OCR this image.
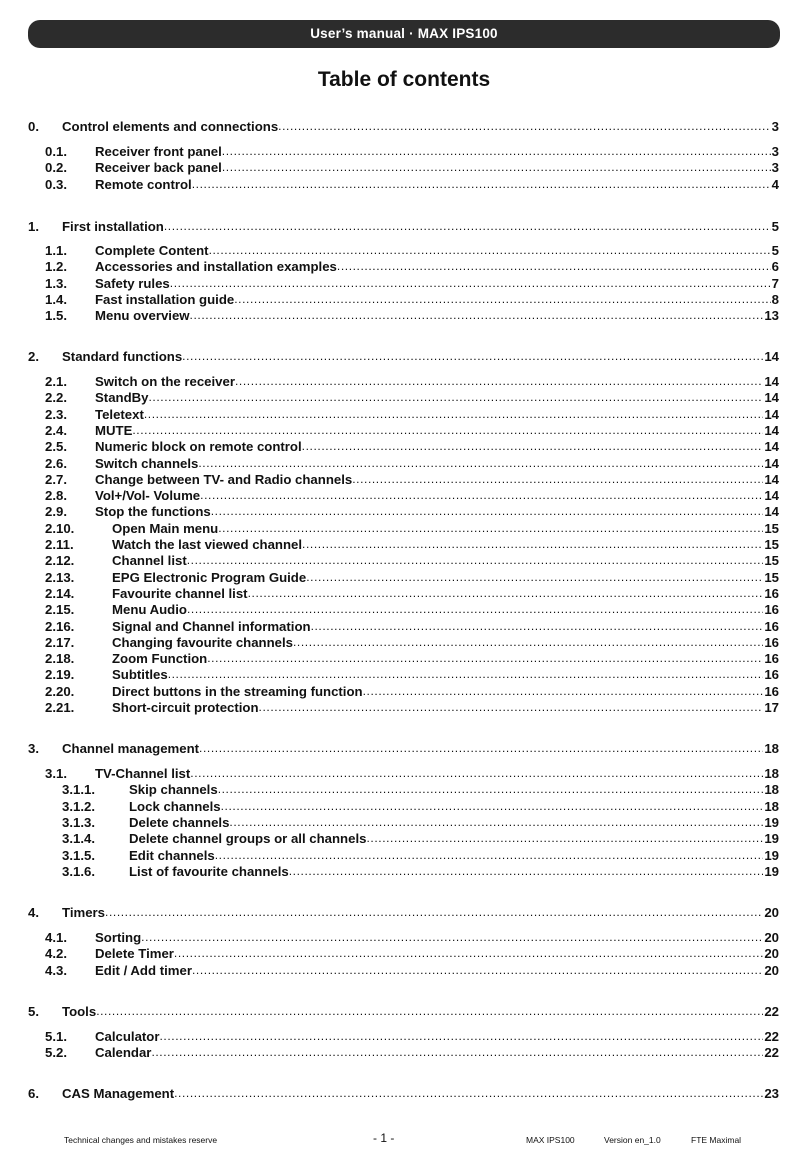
User’s manual · MAX IPS100
Table of contents
0.	Control elements and connections .....	3
0.1.	Receiver front panel .....	3
0.2.	Receiver back panel .....	3
0.3.	Remote control .....	4
1.	First installation .....	5
1.1.	Complete Content .....	5
1.2.	Accessories and installation examples .....	6
1.3.	Safety rules .....	7
1.4.	Fast installation guide .....	8
1.5.	Menu overview .....	13
2.	Standard functions .....	14
2.1.	Switch on the receiver .....	14
2.2.	StandBy .....	14
2.3.	Teletext .....	14
2.4.	MUTE .....	14
2.5.	Numeric block on remote control .....	14
2.6.	Switch channels .....	14
2.7.	Change between TV- and Radio channels .....	14
2.8.	Vol+/Vol- Volume .....	14
2.9.	Stop the functions .....	14
2.10.	Open Main menu .....	15
2.11.	Watch the last viewed channel .....	15
2.12.	Channel list .....	15
2.13.	EPG Electronic Program Guide .....	15
2.14.	Favourite channel list .....	16
2.15.	Menu Audio .....	16
2.16.	Signal and Channel information .....	16
2.17.	Changing favourite channels .....	16
2.18.	Zoom Function .....	16
2.19.	Subtitles .....	16
2.20.	Direct buttons in the streaming function .....	16
2.21.	Short-circuit protection .....	17
3.	Channel management .....	18
3.1.	TV-Channel list .....	18
3.1.1.	Skip channels .....	18
3.1.2.	Lock channels .....	18
3.1.3.	Delete channels .....	19
3.1.4.	Delete channel groups or all channels .....	19
3.1.5.	Edit channels .....	19
3.1.6.	List of favourite channels .....	19
4.	Timers .....	20
4.1.	Sorting .....	20
4.2.	Delete Timer .....	20
4.3.	Edit / Add timer .....	20
5.	Tools .....	22
5.1.	Calculator .....	22
5.2.	Calendar .....	22
6.	CAS Management .....	23
Technical changes and mistakes reserve	- 1 -	MAX IPS100	Version en_1.0	FTE Maximal
